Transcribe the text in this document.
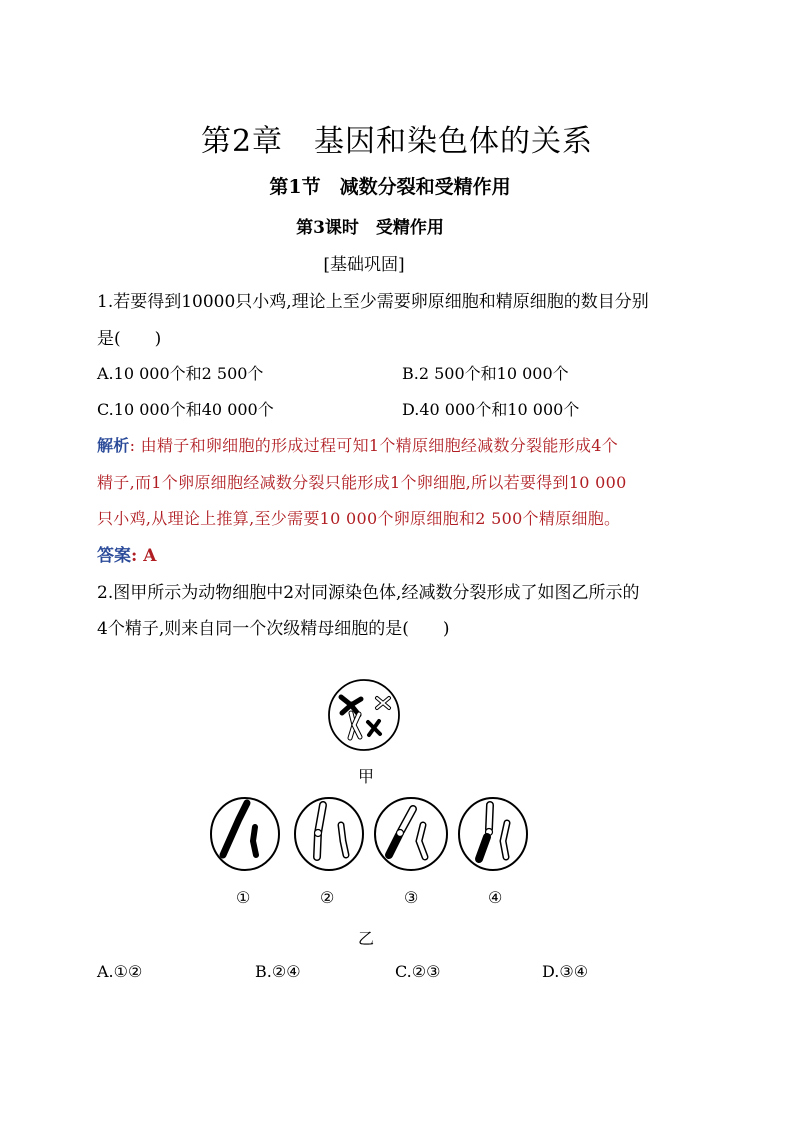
第2章　基因和染色体的关系
第1节　减数分裂和受精作用
第3课时　受精作用
[基础巩固]
1.若要得到10000只小鸡,理论上至少需要卵原细胞和精原细胞的数目分别
是(　　)
A.10 000个和2 500个	B.2 500个和10 000个
C.10 000个和40 000个	D.40 000个和10 000个
解析: 由精子和卵细胞的形成过程可知1个精原细胞经减数分裂能形成4个
精子,而1个卵原细胞经减数分裂只能形成1个卵细胞,所以若要得到10 000
只小鸡,从理论上推算,至少需要10 000个卵原细胞和2 500个精原细胞。
答案: A
2.图甲所示为动物细胞中2对同源染色体,经减数分裂形成了如图乙所示的
4个精子,则来自同一个次级精母细胞的是(　　)
甲
①	②	③	④
乙
A.①②	B.②④	C.②③	D.③④
